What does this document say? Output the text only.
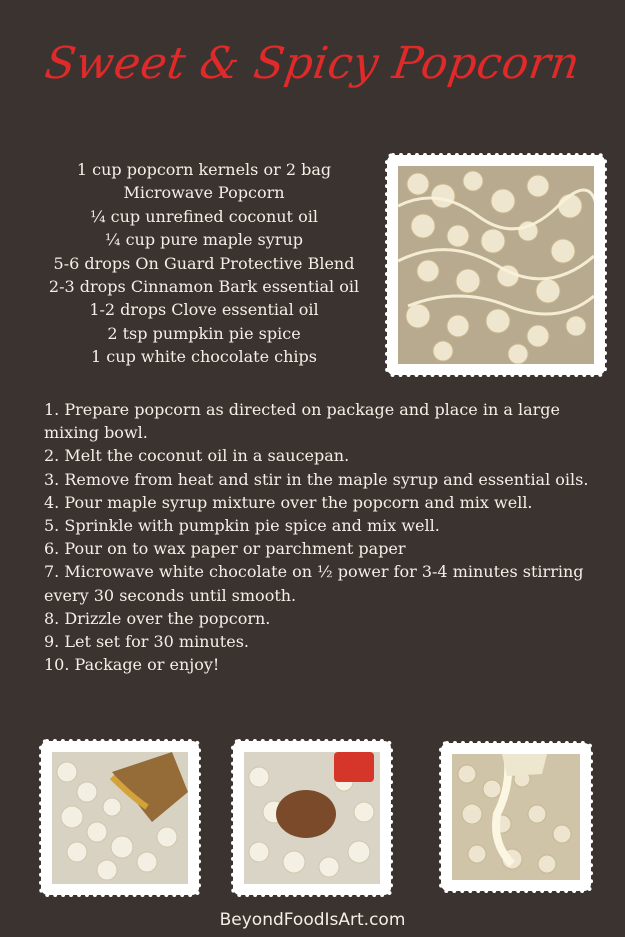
Sweet & Spicy Popcorn
1 cup popcorn kernels or 2 bag
Microwave Popcorn
¼ cup unrefined coconut oil
¼ cup pure maple syrup
5-6 drops On Guard Protective Blend
2-3 drops Cinnamon Bark essential oil
1-2 drops Clove essential oil
2 tsp pumpkin pie spice
1 cup white chocolate chips
1. Prepare popcorn as directed on package and place in a large mixing bowl.
2. Melt the coconut oil in a saucepan.
3. Remove from heat and stir in the maple syrup and essential oils.
4. Pour maple syrup mixture over the popcorn and mix well.
5. Sprinkle with pumpkin pie spice and mix well.
6. Pour on to wax paper or parchment paper
7. Microwave white chocolate on ½ power for 3-4 minutes stirring every 30 seconds until smooth.
8. Drizzle over the popcorn.
9. Let set for 30 minutes.
10. Package or enjoy!
BeyondFoodIsArt.com
